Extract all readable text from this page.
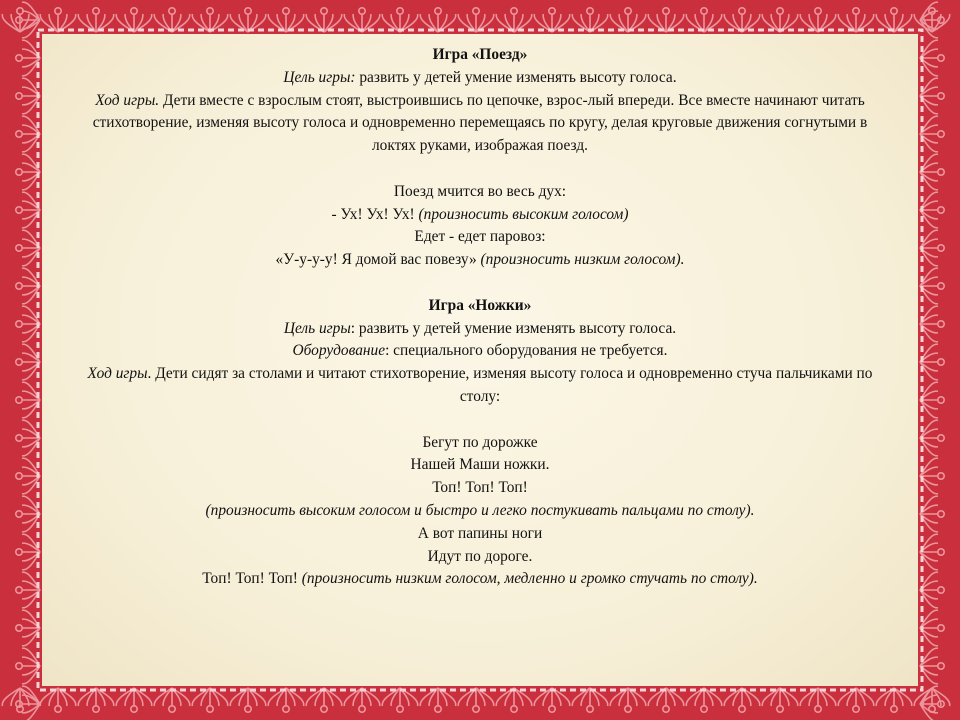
Игра «Поезд»

Цель игры: развить у детей умение изменять высоту голоса.

Ход игры. Дети вместе с взрослым стоят, выстроившись по цепочке, взрос-лый впереди. Все вместе начинают читать стихотворение, изменяя высоту голоса и одновременно перемещаясь по кругу, делая круговые движения согнутыми в локтях руками, изображая поезд.

Поезд мчится во весь дух:

- Ух! Ух! Ух! (произносить высоким голосом)

Едет - едет паровоз:

«У-у-у-у! Я домой вас повезу» (произносить низким голосом).

Игра «Ножки»

Цель игры: развить у детей умение изменять высоту голоса.

Оборудование: специального оборудования не требуется.

Ход игры. Дети сидят за столами и читают стихотворение, изменяя высоту голоса и одновременно стуча пальчиками по столу:

Бегут по дорожке

Нашей Маши ножки.

Топ! Топ! Топ!

(произносить высоким голосом и быстро и легко постукивать пальцами по столу).

А вот папины ноги

Идут по дороге.

Топ! Топ! Топ! (произносить низким голосом, медленно и громко стучать по столу).
